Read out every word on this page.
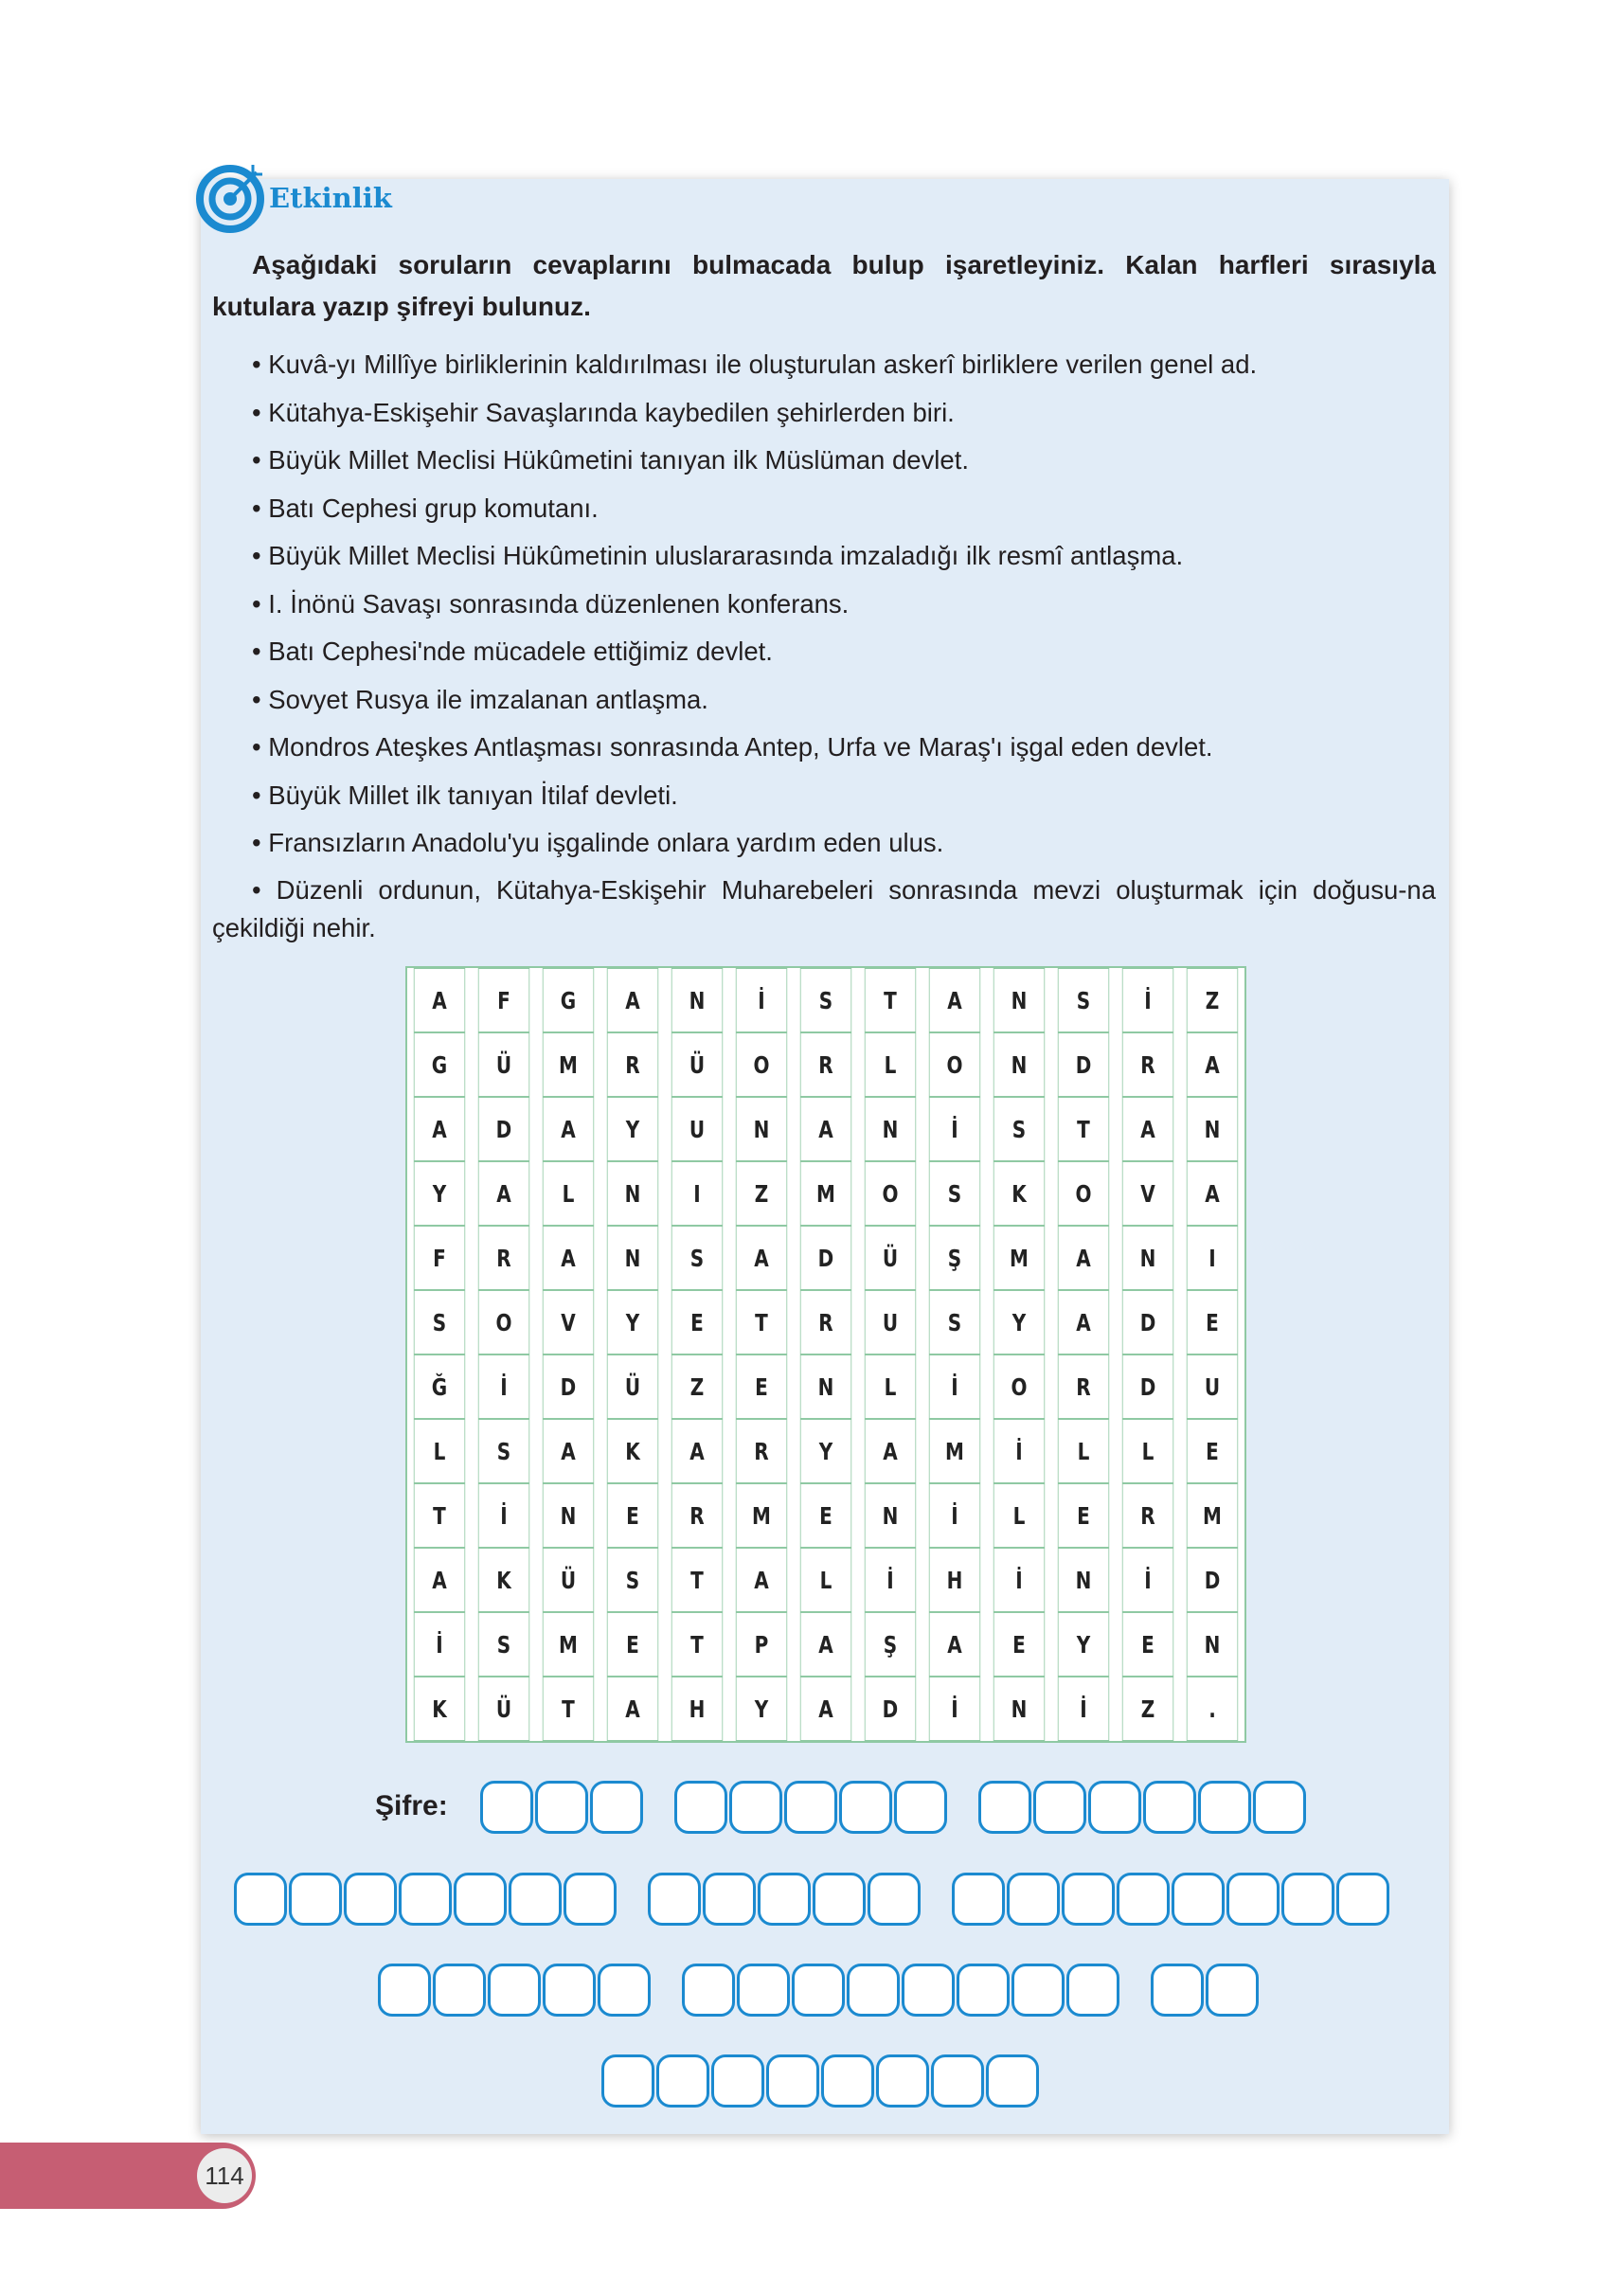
Etkinlik
Aşağıdaki soruların cevaplarını bulmacada bulup işaretleyiniz. Kalan harfleri sırasıyla kutulara yazıp şifreyi bulunuz.
• Kuvâ-yı Millîye birliklerinin kaldırılması ile oluşturulan askerî birliklere verilen genel ad.
• Kütahya-Eskişehir Savaşlarında kaybedilen şehirlerden biri.
• Büyük Millet Meclisi Hükûmetini tanıyan ilk Müslüman devlet.
• Batı Cephesi grup komutanı.
• Büyük Millet Meclisi Hükûmetinin uluslararasında imzaladığı ilk resmî antlaşma.
• I. İnönü Savaşı sonrasında düzenlenen konferans.
• Batı Cephesi'nde mücadele ettiğimiz devlet.
• Sovyet Rusya ile imzalanan antlaşma.
• Mondros Ateşkes Antlaşması sonrasında Antep, Urfa ve Maraş'ı işgal eden devlet.
• Büyük Millet ilk tanıyan İtilaf devleti.
• Fransızların Anadolu'yu işgalinde onlara yardım eden ulus.
• Düzenli ordunun, Kütahya-Eskişehir Muharebeleri sonrasında mevzi oluşturmak için doğusu-na çekildiği nehir.
A	F	G	A	N	İ	S	T	A	N	S	İ	Z
G	Ü	M	R	Ü	O	R	L	O	N	D	R	A
A	D	A	Y	U	N	A	N	İ	S	T	A	N
Y	A	L	N	I	Z	M	O	S	K	O	V	A
F	R	A	N	S	A	D	Ü	Ş	M	A	N	I
S	O	V	Y	E	T	R	U	S	Y	A	D	E
Ğ	İ	D	Ü	Z	E	N	L	İ	O	R	D	U
L	S	A	K	A	R	Y	A	M	İ	L	L	E
T	İ	N	E	R	M	E	N	İ	L	E	R	M
A	K	Ü	S	T	A	L	İ	H	İ	N	İ	D
İ	S	M	E	T	P	A	Ş	A	E	Y	E	N
K	Ü	T	A	H	Y	A	D	İ	N	İ	Z	.
Şifre:
114
